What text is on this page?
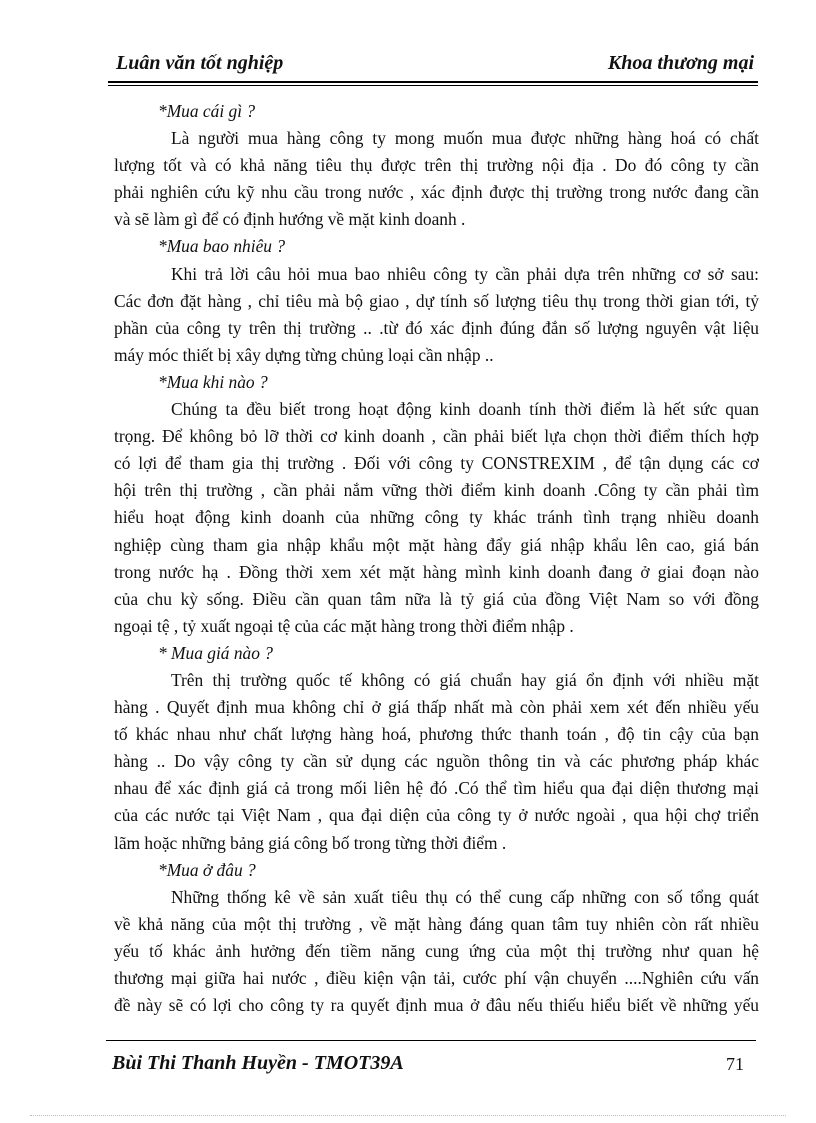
Luân văn tốt nghiệp	Khoa thương mại
*Mua cái gì ?
Là người mua hàng công ty mong muốn mua được những hàng hoá có chất
lượng tốt và có khả năng tiêu thụ được trên thị trường nội địa . Do đó công ty cần
phải nghiên cứu kỹ nhu cầu trong nước , xác định được thị trường trong nước đang cần
và sẽ làm gì để có định hướng về mặt kinh doanh .
*Mua bao nhiêu ?
Khi trả lời câu hỏi mua bao nhiêu công ty cần phải dựa trên những cơ sở sau:
Các đơn đặt hàng , chỉ tiêu mà bộ giao , dự tính số lượng tiêu thụ trong thời gian tới, tỷ
phần của công ty trên thị trường .. .từ đó xác định đúng đắn số lượng nguyên vật liệu
máy móc thiết bị xây dựng từng chủng loại cần nhập ..
*Mua khi nào ?
Chúng ta đều biết trong hoạt động kinh doanh tính thời điểm là hết sức quan
trọng. Để không bỏ lỡ thời cơ kinh doanh , cần phải biết lựa chọn thời điểm thích hợp
có lợi để tham gia thị trường . Đối với công ty CONSTREXIM , để tận dụng các cơ
hội trên thị trường , cần phải nắm vững thời điểm kinh doanh .Công ty cần phải tìm
hiểu hoạt động kinh doanh của những công ty khác tránh tình trạng nhiều doanh
nghiệp cùng tham gia nhập khẩu một mặt hàng đẩy giá nhập khẩu lên cao, giá bán
trong nước hạ . Đồng thời xem xét mặt hàng mình kinh doanh đang ở giai đoạn nào
của chu kỳ sống. Điều cần quan tâm nữa là tỷ giá của đồng Việt Nam so với đồng
ngoại tệ , tỷ xuất ngoại tệ của các mặt hàng trong thời điểm nhập .
* Mua giá nào ?
Trên thị trường quốc tế không có giá chuẩn hay giá ổn định với nhiều mặt
hàng . Quyết định mua không chỉ ở giá thấp nhất mà còn phải xem xét đến nhiều yếu
tố khác nhau như chất lượng hàng hoá, phương thức thanh toán , độ tin cậy của bạn
hàng .. Do vậy công ty cần sử dụng các nguồn thông tin và các phương pháp khác
nhau để xác định giá cả trong mối liên hệ đó .Có thể tìm hiểu qua đại diện thương mại
của các nước tại Việt Nam , qua đại diện của công ty ở nước ngoài , qua hội chợ triển
lãm hoặc những bảng giá công bố trong từng thời điểm .
*Mua ở đâu ?
Những thống kê về sản xuất tiêu thụ có thể cung cấp những con số tổng quát
về khả năng của một thị trường , về mặt hàng đáng quan tâm tuy nhiên còn rất nhiều
yếu tố khác ảnh hưởng đến tiềm năng cung ứng của một thị trường như quan hệ
thương mại giữa hai nước , điều kiện vận tải, cước phí vận chuyển ....Nghiên cứu vấn
đề này sẽ có lợi cho công ty ra quyết định mua ở đâu nếu thiếu hiểu biết về những yếu
Bùi Thi Thanh Huyền - TMOT39A	71
